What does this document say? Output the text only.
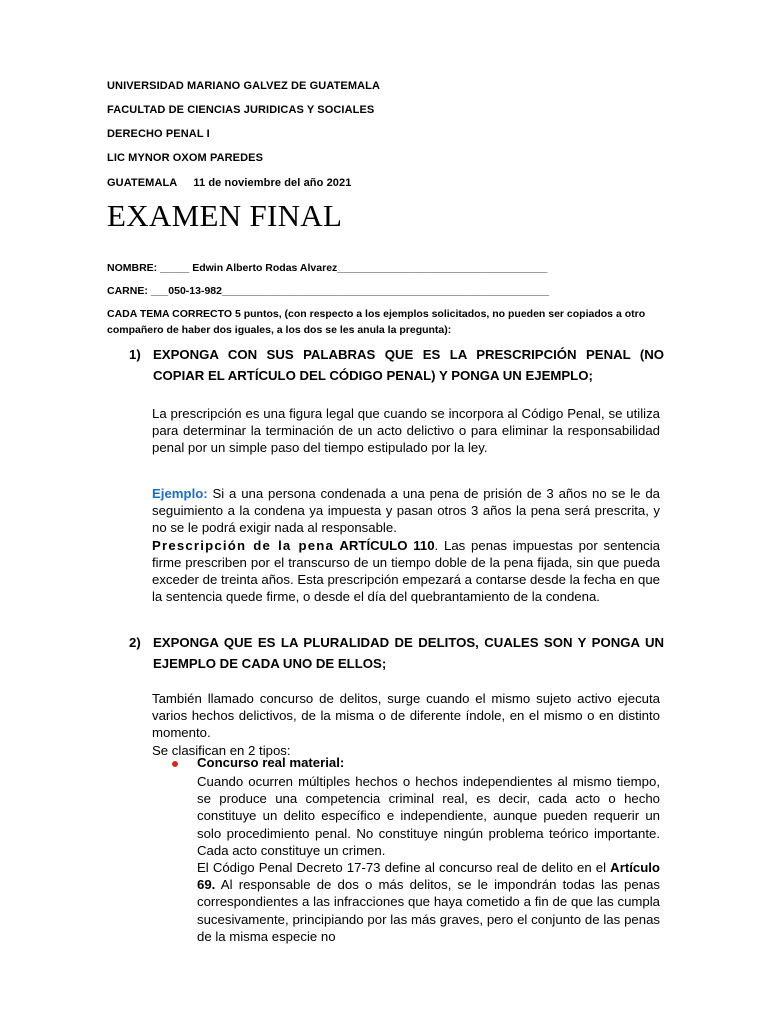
UNIVERSIDAD MARIANO GALVEZ DE GUATEMALA
FACULTAD DE CIENCIAS JURIDICAS Y SOCIALES
DERECHO PENAL I
LIC MYNOR OXOM PAREDES
GUATEMALA 11 de noviembre del año 2021
EXAMEN FINAL
NOMBRE: _____ Edwin Alberto Rodas Alvarez____________________________________
CARNE: ___050-13-982________________________________________________________
CADA TEMA CORRECTO 5 puntos, (con respecto a los ejemplos solicitados, no pueden ser copiados a otro compañero de haber dos iguales, a los dos se les anula la pregunta):
1) EXPONGA CON SUS PALABRAS QUE ES LA PRESCRIPCIÓN PENAL (NO COPIAR EL ARTÍCULO DEL CÓDIGO PENAL) Y PONGA UN EJEMPLO;
La prescripción es una figura legal que cuando se incorpora al Código Penal, se utiliza para determinar la terminación de un acto delictivo o para eliminar la responsabilidad penal por un simple paso del tiempo estipulado por la ley.
Ejemplo: Si a una persona condenada a una pena de prisión de 3 años no se le da seguimiento a la condena ya impuesta y pasan otros 3 años la pena será prescrita, y no se le podrá exigir nada al responsable.
Prescripción de la pena ARTÍCULO 110. Las penas impuestas por sentencia firme prescriben por el transcurso de un tiempo doble de la pena fijada, sin que pueda exceder de treinta años. Esta prescripción empezará a contarse desde la fecha en que la sentencia quede firme, o desde el día del quebrantamiento de la condena.
2) EXPONGA QUE ES LA PLURALIDAD DE DELITOS, CUALES SON Y PONGA UN EJEMPLO DE CADA UNO DE ELLOS;
También llamado concurso de delitos, surge cuando el mismo sujeto activo ejecuta varios hechos delictivos, de la misma o de diferente índole, en el mismo o en distinto momento.
Se clasifican en 2 tipos:
Concurso real material:
Cuando ocurren múltiples hechos o hechos independientes al mismo tiempo, se produce una competencia criminal real, es decir, cada acto o hecho constituye un delito específico e independiente, aunque pueden requerir un solo procedimiento penal. No constituye ningún problema teórico importante. Cada acto constituye un crimen.
El Código Penal Decreto 17-73 define al concurso real de delito en el Artículo 69. Al responsable de dos o más delitos, se le impondrán todas las penas correspondientes a las infracciones que haya cometido a fin de que las cumpla sucesivamente, principiando por las más graves, pero el conjunto de las penas de la misma especie no
